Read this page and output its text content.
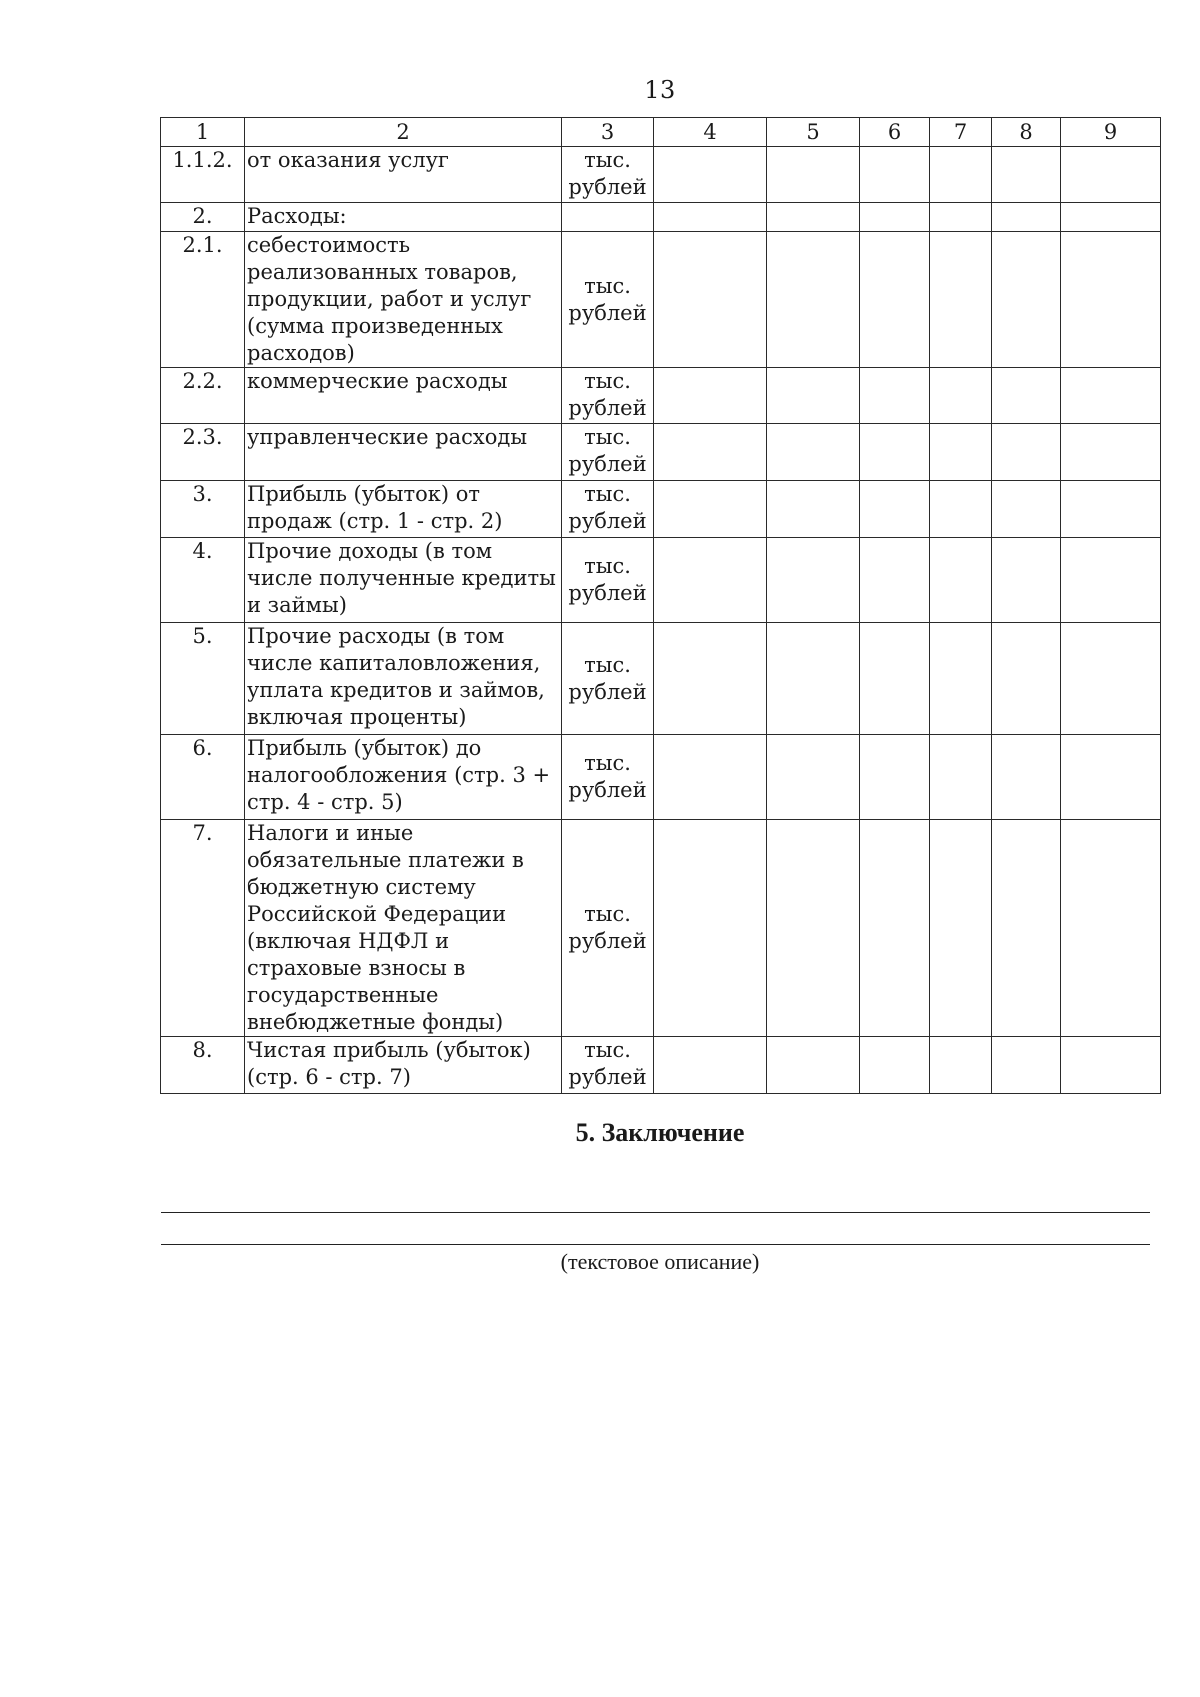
13
1	2	3	4	5	6	7	8	9
1.1.2.	от оказания услуг	тыс. рублей						
2.	Расходы:							
2.1.	себестоимость реализованных товаров, продукции, работ и услуг (сумма произведенных расходов)	тыс. рублей						
2.2.	коммерческие расходы	тыс. рублей						
2.3.	управленческие расходы	тыс. рублей						
3.	Прибыль (убыток) от продаж (стр. 1 - стр. 2)	тыс. рублей						
4.	Прочие доходы (в том числе полученные кредиты и займы)	тыс. рублей						
5.	Прочие расходы (в том числе капиталовложения, уплата кредитов и займов, включая проценты)	тыс. рублей						
6.	Прибыль (убыток) до налогообложения (стр. 3 + стр. 4 - стр. 5)	тыс. рублей						
7.	Налоги и иные обязательные платежи в бюджетную систему Российской Федерации (включая НДФЛ и страховые взносы в государственные внебюджетные фонды)	тыс. рублей						
8.	Чистая прибыль (убыток) (стр. 6 - стр. 7)	тыс. рублей						
5. Заключение
(текстовое описание)
